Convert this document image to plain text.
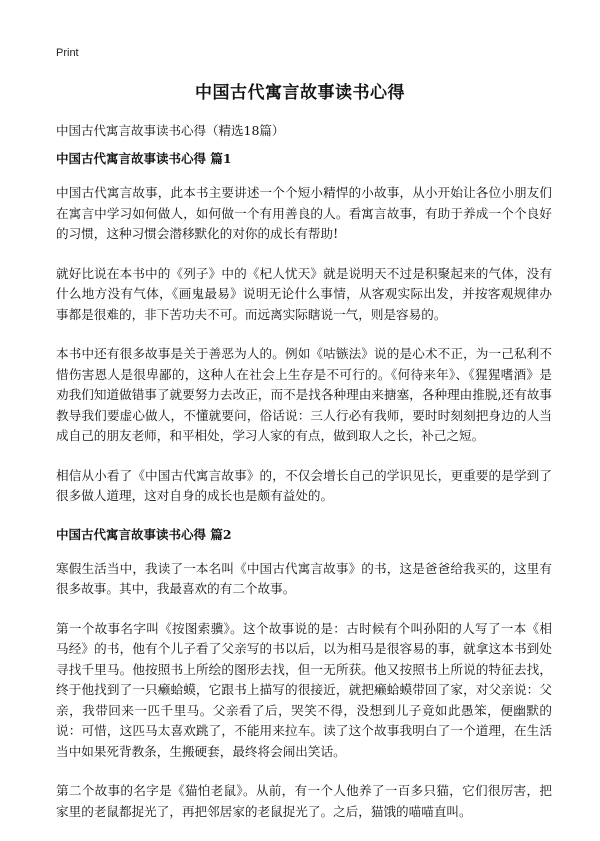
Print
中国古代寓言故事读书心得

中国古代寓言故事读书心得（精选18篇）

中国古代寓言故事读书心得 篇1

中国古代寓言故事，此本书主要讲述一个个短小精悍的小故事，从小开始让各位小朋友们在寓言中学习如何做人，如何做一个有用善良的人。看寓言故事，有助于养成一个个良好的习惯，这种习惯会潜移默化的对你的成长有帮助!

就好比说在本书中的《列子》中的《杞人忧天》就是说明天不过是积聚起来的气体，没有什么地方没有气体，《画鬼最易》说明无论什么事情，从客观实际出发，并按客观规律办事都是很难的，非下苦功夫不可。而远离实际瞎说一气，则是容易的。

本书中还有很多故事是关于善恶为人的。例如《咕镞法》说的是心术不正，为一己私利不惜伤害恩人是很卑鄙的，这种人在社会上生存是不可行的。《何待来年》、《猩猩嗜酒》是劝我们知道做错事了就要努力去改正，而不是找各种理由来搪塞，各种理由推脱,还有故事教导我们要虚心做人，不懂就要问，俗话说：三人行必有我师，要时时刻刻把身边的人当成自己的朋友老师，和平相处，学习人家的有点，做到取人之长，补己之短。

相信从小看了《中国古代寓言故事》的，不仅会增长自己的学识见长，更重要的是学到了很多做人道理，这对自身的成长也是颇有益处的。

中国古代寓言故事读书心得 篇2

寒假生活当中，我读了一本名叫《中国古代寓言故事》的书，这是爸爸给我买的，这里有很多故事。其中，我最喜欢的有二个故事。

第一个故事名字叫《按图索骥》。这个故事说的是：古时候有个叫孙阳的人写了一本《相马经》的书，他有个儿子看了父亲写的书以后，以为相马是很容易的事，就拿这本书到处寻找千里马。他按照书上所绘的图形去找，但一无所获。他又按照书上所说的特征去找，终于他找到了一只癞蛤蟆，它跟书上描写的很接近，就把癞蛤蟆带回了家，对父亲说：父亲，我带回来一匹千里马。父亲看了后，哭笑不得，没想到儿子竟如此愚笨，便幽默的说：可惜，这匹马太喜欢跳了，不能用来拉车。读了这个故事我明白了一个道理，在生活当中如果死背教条，生搬硬套，最终将会闹出笑话。

第二个故事的名字是《猫怕老鼠》。从前，有一个人他养了一百多只猫，它们很厉害，把家里的老鼠都捉光了，再把邻居家的老鼠捉光了。之后，猫饿的喵喵直叫。
